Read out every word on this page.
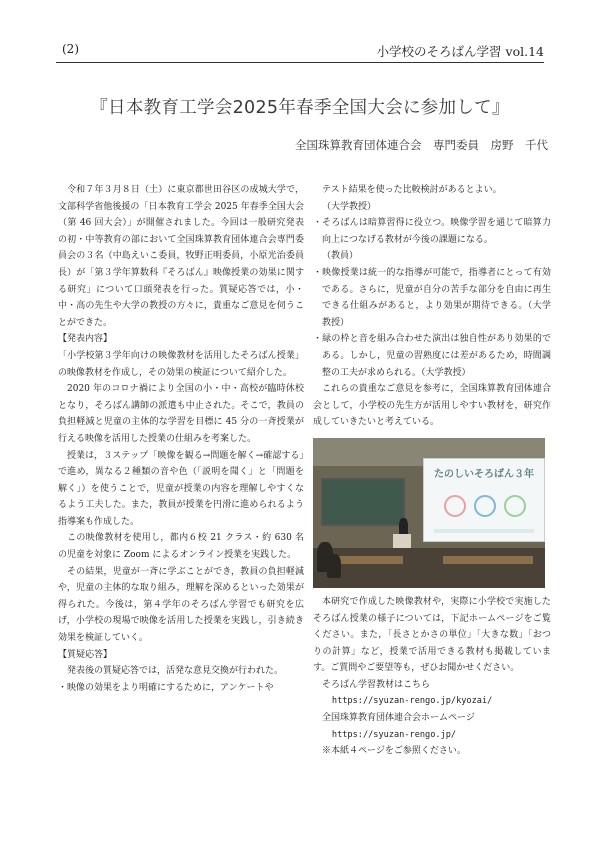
(2)	小学校のそろばん学習 vol.14
『日本教育工学会2025年春季全国大会に参加して』
全国珠算教育団体連合会　専門委員　房野　千代

令和７年３月８日（土）に東京都世田谷区の成城大学で，文部科学省他後援の「日本教育工学会 2025 年春季全国大会（第 46 回大会）」が開催されました。今回は一般研究発表の初・中等教育の部において全国珠算教育団体連合会専門委員会の３名（中島えいこ委員，牧野正明委員，小原光治委員長）が「第３学年算数科『そろばん』映像授業の効果に関する研究」について口頭発表を行った。質疑応答では，小・中・高の先生や大学の教授の方々に，貴重なご意見を伺うことができた。

【発表内容】

「小学校第３学年向けの映像教材を活用したそろばん授業」の映像教材を作成し，その効果の検証について紹介した。

2020 年のコロナ禍により全国の小・中・高校が臨時休校となり，そろばん講師の派遣も中止された。そこで，教員の負担軽減と児童の主体的な学習を目標に 45 分の一斉授業が行える映像を活用した授業の仕組みを考案した。

授業は，３ステップ「映像を観る→問題を解く→確認する」で進め，異なる２種類の音や色（「説明を聞く」と「問題を解く」）を使うことで，児童が授業の内容を理解しやすくなるよう工夫した。また，教員が授業を円滑に進められるよう指導案も作成した。

この映像教材を使用し，都内６校 21 クラス・約 630 名の児童を対象に Zoom によるオンライン授業を実践した。

その結果，児童が一斉に学ぶことができ，教員の負担軽減や，児童の主体的な取り組み，理解を深めるといった効果が得られた。今後は，第４学年のそろばん学習でも研究を広げ，小学校の現場で映像を活用した授業を実践し，引き続き効果を検証していく。

【質疑応答】

発表後の質疑応答では，活発な意見交換が行われた。

・映像の効果をより明確にするために，アンケートや

テスト結果を使った比較検討があるとよい。

（大学教授）

・そろばんは暗算習得に役立つ。映像学習を通じて暗算力向上につなげる教材が今後の課題になる。

（教員）

・映像授業は統一的な指導が可能で，指導者にとって有効である。さらに，児童が自分の苦手な部分を自由に再生できる仕組みがあると，より効果が期待できる。（大学教授）

・緑の枠と音を組み合わせた演出は独自性があり効果的である。しかし，児童の習熟度には差があるため，時間調整の工夫が求められる。（大学教授）

これらの貴重なご意見を参考に，全国珠算教育団体連合会として，小学校の先生方が活用しやすい教材を，研究作成していきたいと考えている。

たのしいそろばん３年

本研究で作成した映像教材や，実際に小学校で実施したそろばん授業の様子については，下記ホームページをご覧ください。また，「長さとかさの単位」「大きな数」「おつりの計算」など，授業で活用できる教材も掲載しています。ご質問やご要望等も，ぜひお聞かせください。

そろばん学習教材はこちら

https://syuzan-rengo.jp/kyozai/

全国珠算教育団体連合会ホームページ

https://syuzan-rengo.jp/

※本紙４ページをご参照ください。
